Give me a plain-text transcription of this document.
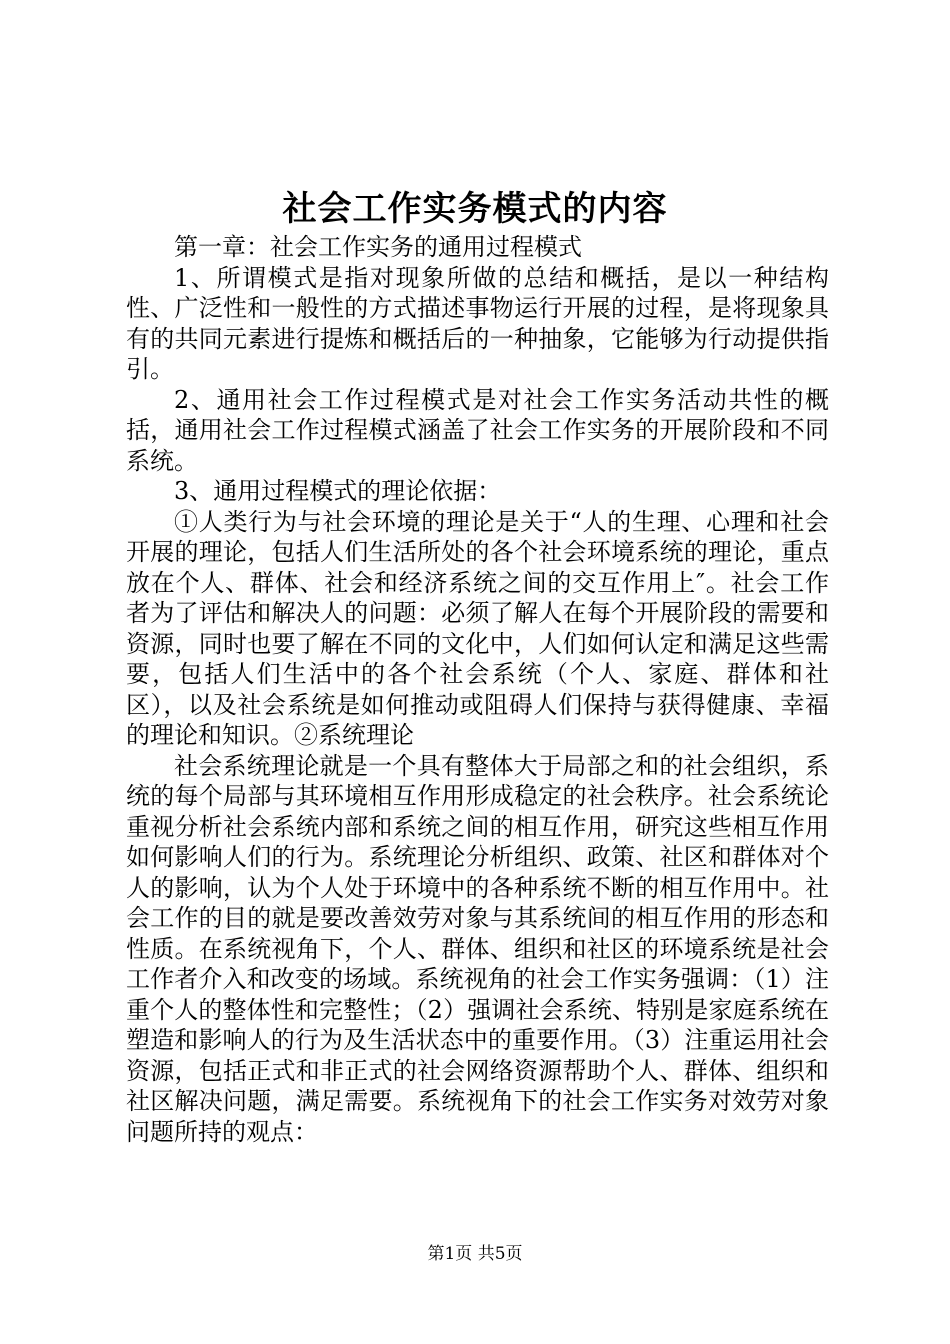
社会工作实务模式的内容

第一章：社会工作实务的通用过程模式

1、所谓模式是指对现象所做的总结和概括，是以一种结构性、广泛性和一般性的方式描述事物运行开展的过程，是将现象具有的共同元素进行提炼和概括后的一种抽象，它能够为行动提供指引。

2、通用社会工作过程模式是对社会工作实务活动共性的概括，通用社会工作过程模式涵盖了社会工作实务的开展阶段和不同系统。

3、通用过程模式的理论依据：

①人类行为与社会环境的理论是关于“人的生理、心理和社会开展的理论，包括人们生活所处的各个社会环境系统的理论，重点放在个人、群体、社会和经济系统之间的交互作用上″。社会工作者为了评估和解决人的问题：必须了解人在每个开展阶段的需要和资源，同时也要了解在不同的文化中，人们如何认定和满足这些需要，包括人们生活中的各个社会系统（个人、家庭、群体和社区），以及社会系统是如何推动或阻碍人们保持与获得健康、幸福的理论和知识。②系统理论

社会系统理论就是一个具有整体大于局部之和的社会组织，系统的每个局部与其环境相互作用形成稳定的社会秩序。社会系统论重视分析社会系统内部和系统之间的相互作用，研究这些相互作用如何影响人们的行为。系统理论分析组织、政策、社区和群体对个人的影响，认为个人处于环境中的各种系统不断的相互作用中。社会工作的目的就是要改善效劳对象与其系统间的相互作用的形态和性质。在系统视角下，个人、群体、组织和社区的环境系统是社会工作者介入和改变的场域。系统视角的社会工作实务强调：（1）注重个人的整体性和完整性；（2）强调社会系统、特别是家庭系统在塑造和影响人的行为及生活状态中的重要作用。（3）注重运用社会资源，包括正式和非正式的社会网络资源帮助个人、群体、组织和社区解决问题，满足需要。系统视角下的社会工作实务对效劳对象问题所持的观点：

第1页 共5页
